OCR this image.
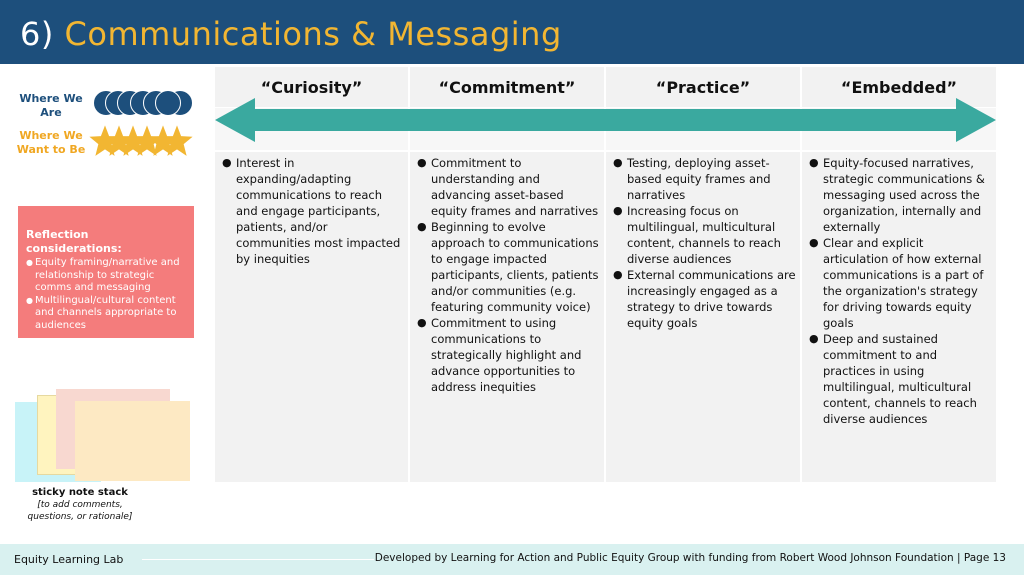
6) Communications & Messaging
Where We Are
Where We Want to Be
Reflection considerations:
● Equity framing/narrative and relationship to strategic comms and messaging
● Multilingual/cultural content and channels appropriate to audiences
sticky note stack
[to add comments, questions, or rationale]
“Curiosity”
● Interest in expanding/adapting communications to reach and engage participants, patients, and/or communities most impacted by inequities
“Commitment”
● Commitment to understanding and advancing asset-based equity frames and narratives
● Beginning to evolve approach to communications to engage impacted participants, clients, patients and/or communities (e.g. featuring community voice)
● Commitment to using communications to strategically highlight and advance opportunities to address inequities
“Practice”
● Testing, deploying asset-based equity frames and narratives
● Increasing focus on multilingual, multicultural content, channels to reach diverse audiences
● External communications are increasingly engaged as a strategy to drive towards equity goals
“Embedded”
● Equity-focused narratives, strategic communications & messaging used across the organization, internally and externally
● Clear and explicit articulation of how external communications is a part of the organization's strategy for driving towards equity goals
● Deep and sustained commitment to and practices in using multilingual, multicultural content, channels to reach diverse audiences
Equity Learning Lab	Developed by Learning for Action and Public Equity Group with funding from Robert Wood Johnson Foundation | Page 13
